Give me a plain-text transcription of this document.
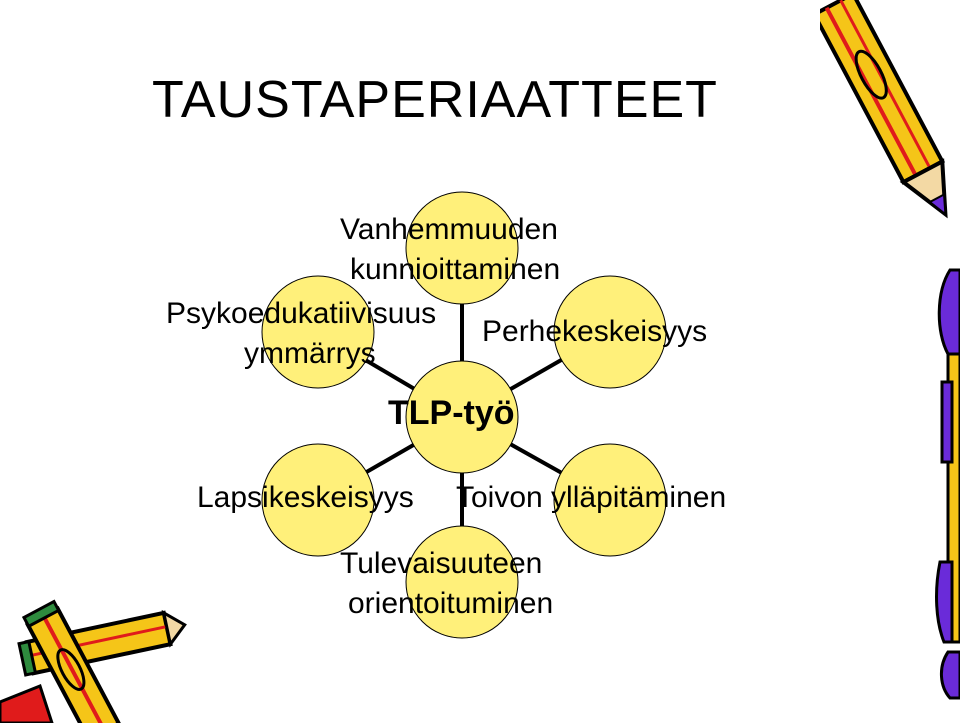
TAUSTAPERIAATTEET
TLP-työ
Vanhemmuuden
kunnioittaminen
Perhekeskeisyys
Toivon ylläpitäminen
Tulevaisuuteen
orientoituminen
Lapsikeskeisyys
Psykoedukatiivisuus
ymmärrys
